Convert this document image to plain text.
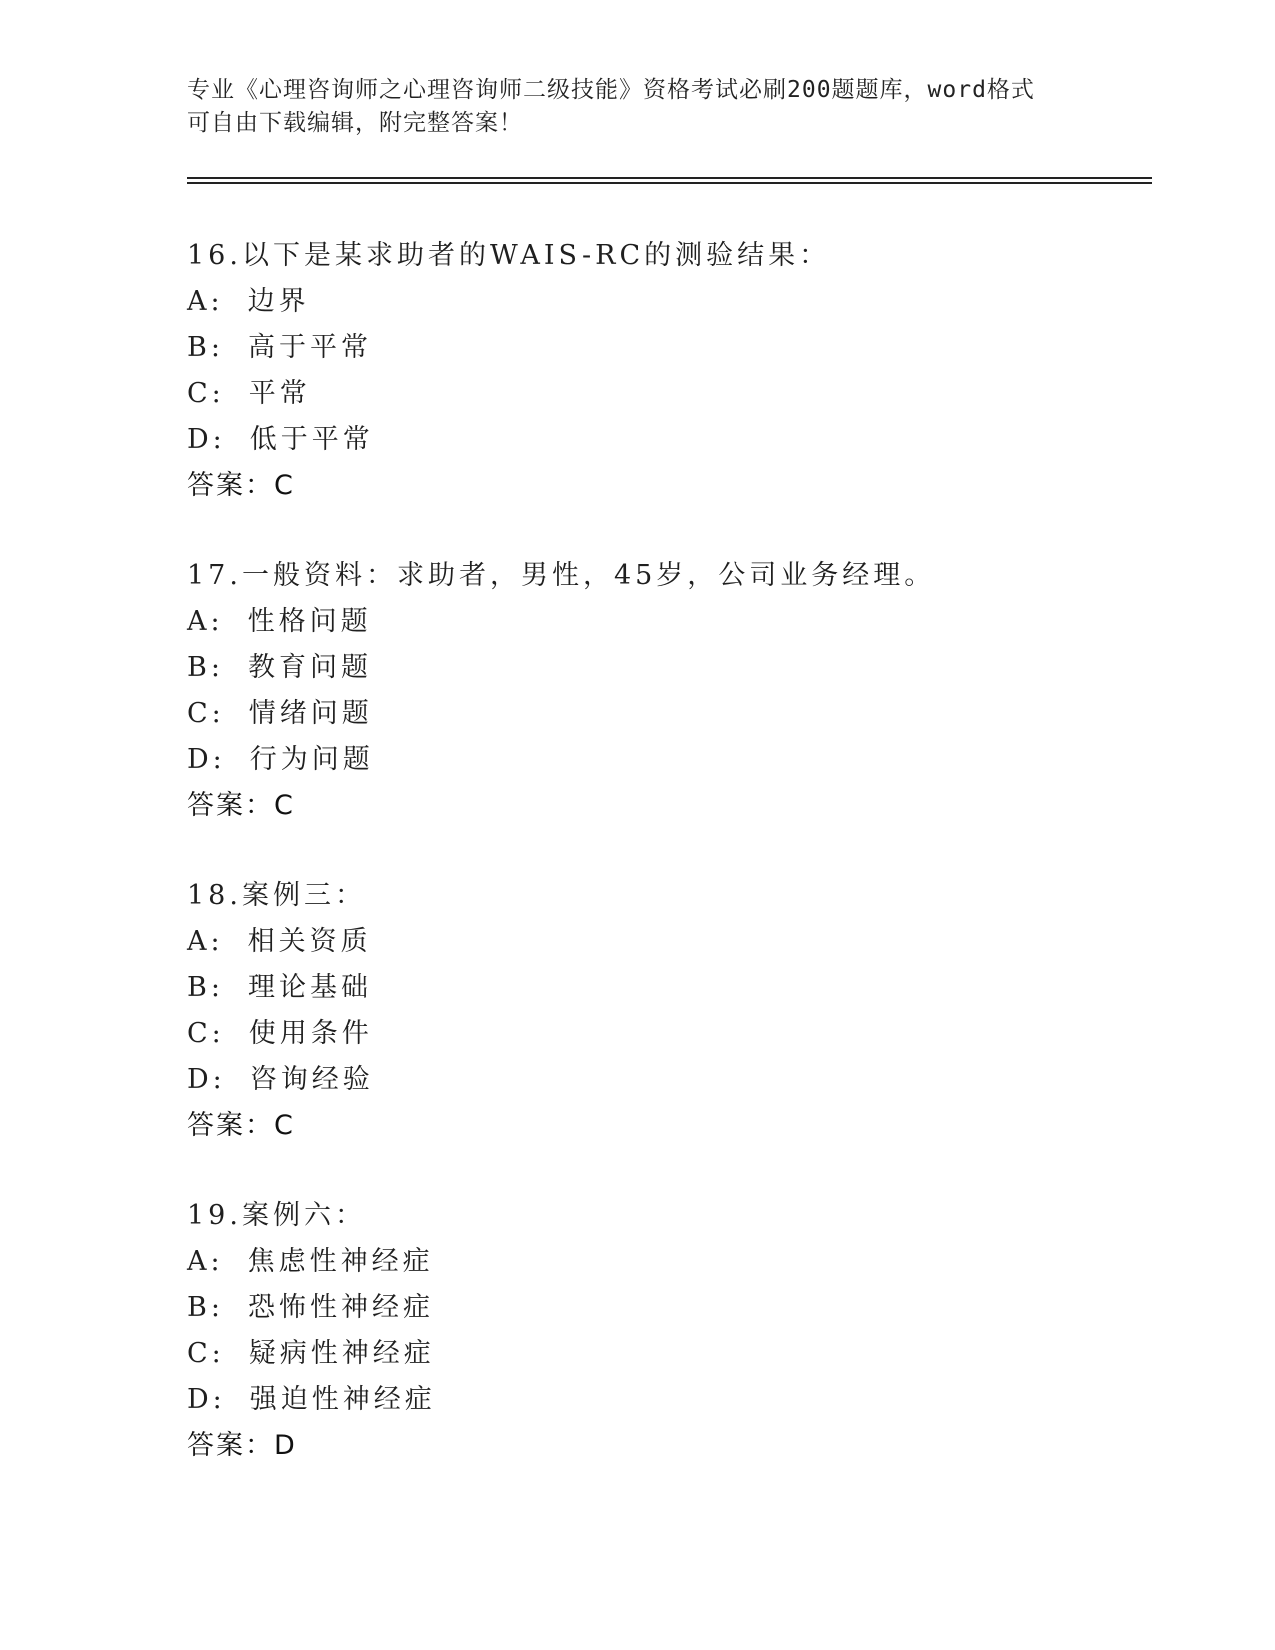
专业《心理咨询师之心理咨询师二级技能》资格考试必刷200题题库，word格式
可自由下载编辑，附完整答案！
16.以下是某求助者的WAIS-RC的测验结果：
A: 边界
B: 高于平常
C: 平常
D: 低于平常
答案：C
17.一般资料：求助者，男性，45岁，公司业务经理。
A: 性格问题
B: 教育问题
C: 情绪问题
D: 行为问题
答案：C
18.案例三：
A: 相关资质
B: 理论基础
C: 使用条件
D: 咨询经验
答案：C
19.案例六：
A: 焦虑性神经症
B: 恐怖性神经症
C: 疑病性神经症
D: 强迫性神经症
答案：D
